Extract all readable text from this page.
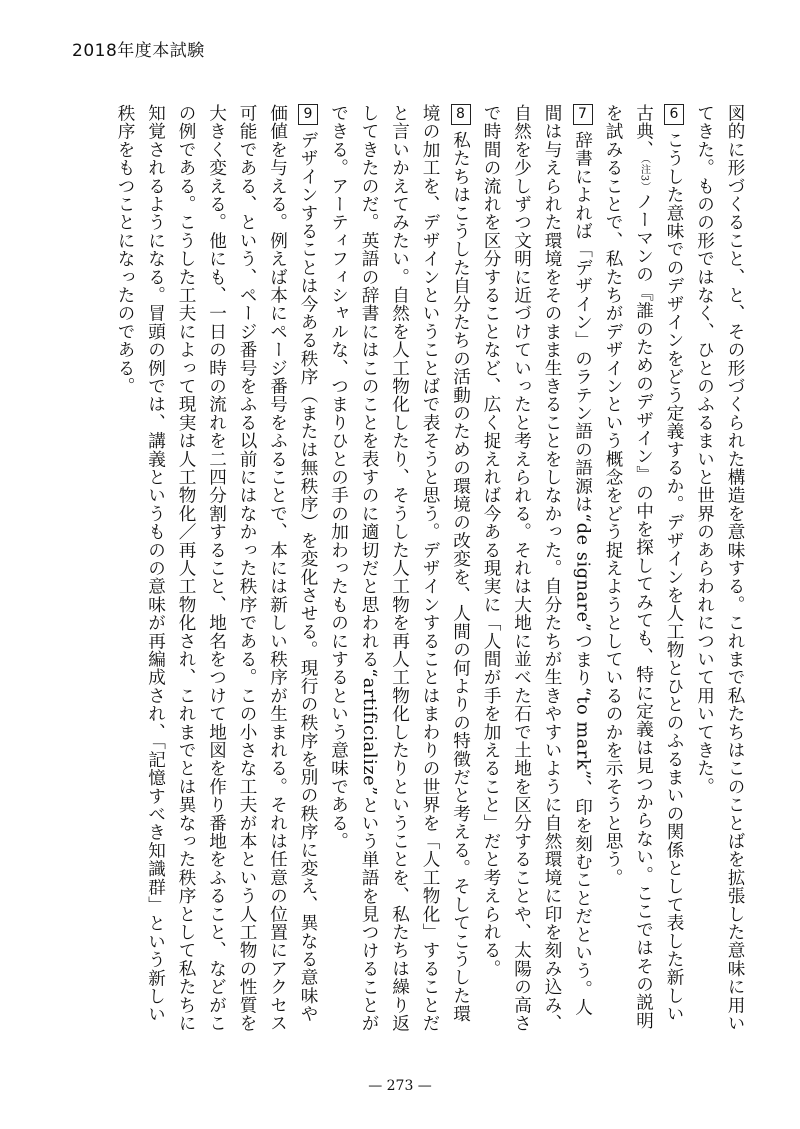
2018年度本試験

図的に形づくること、と、その形づくられた構造を意味する。これまで私たちはこのことばを拡張した意味に用いてきた。ものの形ではなく、ひとのふるまいと世界のあらわれについて用いてきた。

6こうした意味でのデザインをどう定義するか。デザインを人工物とひとのふるまいの関係として表した新しい古典、（注3）ノーマンの『誰のためのデザイン』の中を探してみても、特に定義は見つからない。ここではその説明を試みることで、私たちがデザインという概念をどう捉えようとしているのかを示そうと思う。

7辞書によれば「デザイン」のラテン語の語源は“de signare”つまり“to mark”、印を刻むことだという。人間は与えられた環境をそのまま生きることをしなかった。自分たちが生きやすいように自然環境に印を刻み込み、自然を少しずつ文明に近づけていったと考えられる。それは大地に並べた石で土地を区分することや、太陽の高さで時間の流れを区分することなど、広く捉えれば今ある現実に「人間が手を加えること」だと考えられる。

8私たちはこうした自分たちの活動のための環境の改変を、人間の何よりの特徴だと考える。そしてこうした環境の加工を、デザインということばで表そうと思う。デザインすることはまわりの世界を「人工物化」することだと言いかえてみたい。自然を人工物化したり、そうした人工物を再人工物化したりということを、私たちは繰り返してきたのだ。英語の辞書にはこのことを表すのに適切だと思われる“artificialize”という単語を見つけることができる。アーティフィシャルな、つまりひとの手の加わったものにするという意味である。

9デザインすることは今ある秩序（または無秩序）を変化させる。現行の秩序を別の秩序に変え、異なる意味や価値を与える。例えば本にページ番号をふることで、本には新しい秩序が生まれる。それは任意の位置にアクセス可能である、という、ページ番号をふる以前にはなかった秩序である。この小さな工夫が本という人工物の性質を大きく変える。他にも、一日の時の流れを二四分割すること、地名をつけて地図を作り番地をふること、などがこの例である。こうした工夫によって現実は人工物化／再人工物化され、これまでとは異なった秩序として私たちに知覚されるようになる。冒頭の例では、講義というものの意味が再編成され、「記憶すべき知識群」という新しい秩序をもつことになったのである。

— 273 —
